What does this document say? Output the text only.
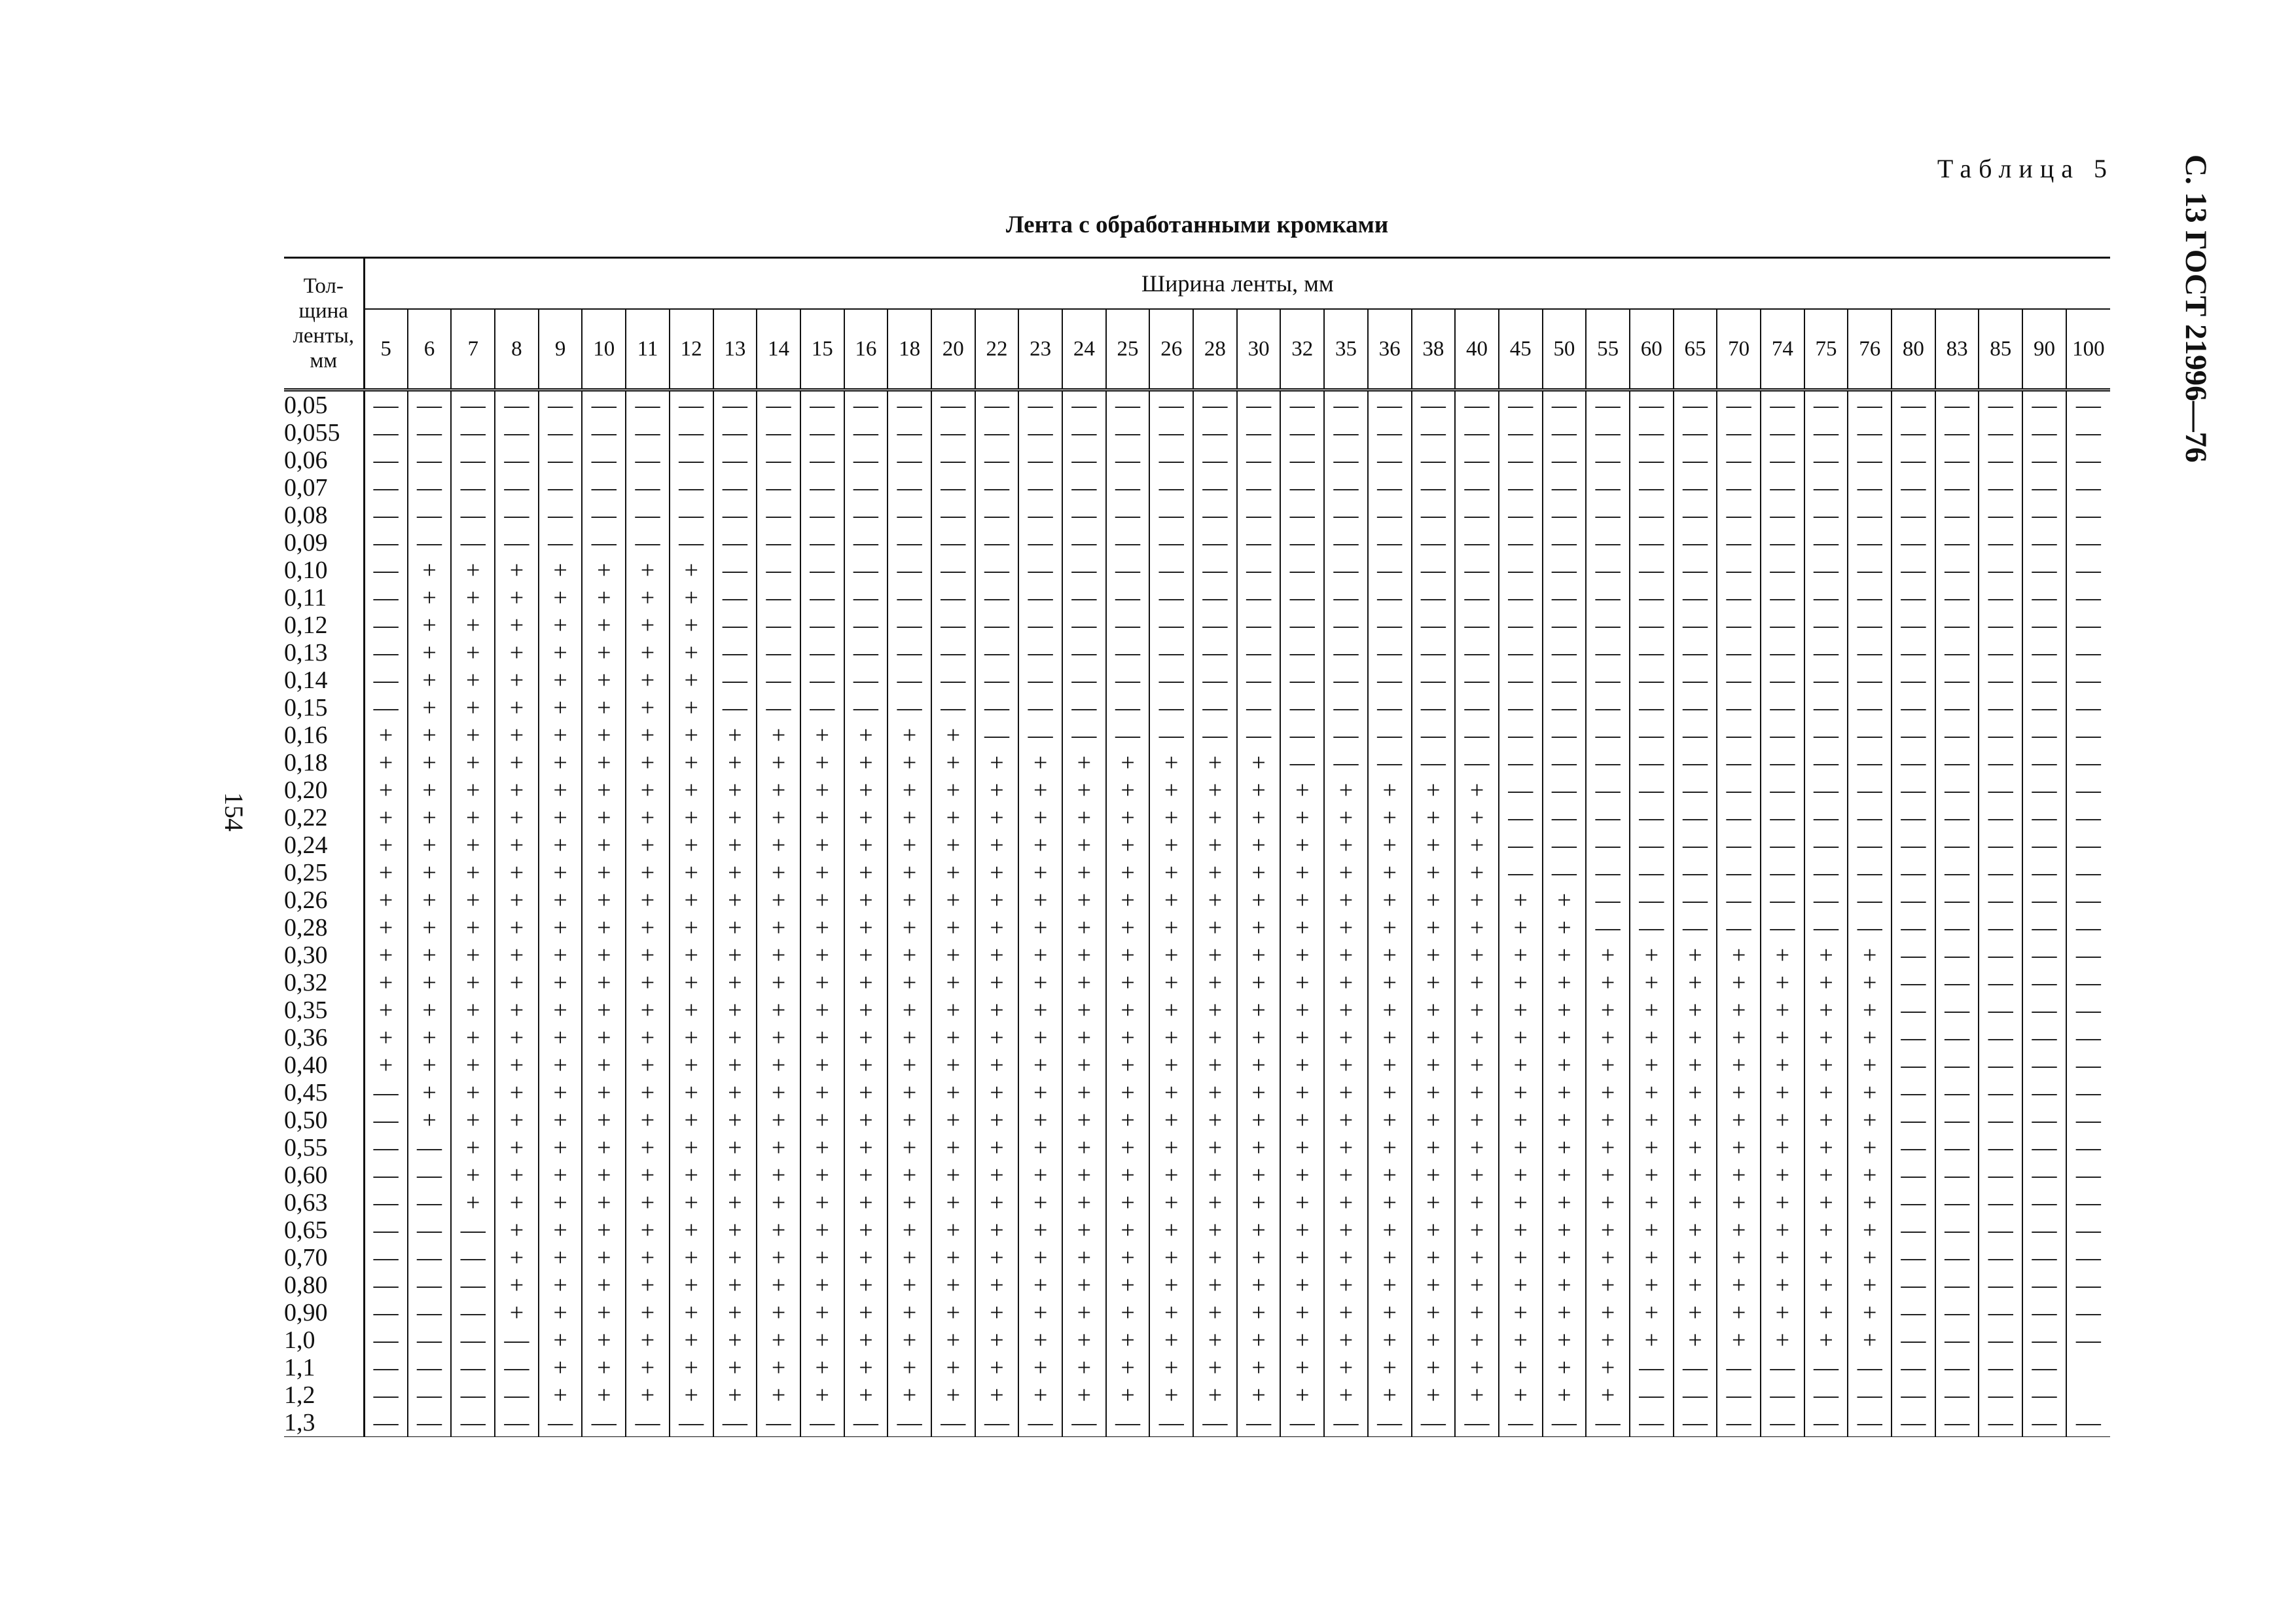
Таблица 5
Лента с обработанными кромками	С. 13 ГОСТ 21996—76
154
Тол-
щина
ленты,
мм	Ширина ленты, мм																																							
	5	6	7	8	9	10	11	12	13	14	15	16	18	20	22	23	24	25	26	28	30	32	35	36	38	40	45	50	55	60	65	70	74	75	76	80	83	85	90	100
0,05	—	—	—	—	—	—	—	—	—	—	—	—	—	—	—	—	—	—	—	—	—	—	—	—	—	—	—	—	—	—	—	—	—	—	—	—	—	—	—	—
0,055	—	—	—	—	—	—	—	—	—	—	—	—	—	—	—	—	—	—	—	—	—	—	—	—	—	—	—	—	—	—	—	—	—	—	—	—	—	—	—	—
0,06	—	—	—	—	—	—	—	—	—	—	—	—	—	—	—	—	—	—	—	—	—	—	—	—	—	—	—	—	—	—	—	—	—	—	—	—	—	—	—	—
0,07	—	—	—	—	—	—	—	—	—	—	—	—	—	—	—	—	—	—	—	—	—	—	—	—	—	—	—	—	—	—	—	—	—	—	—	—	—	—	—	—
0,08	—	—	—	—	—	—	—	—	—	—	—	—	—	—	—	—	—	—	—	—	—	—	—	—	—	—	—	—	—	—	—	—	—	—	—	—	—	—	—	—
0,09	—	—	—	—	—	—	—	—	—	—	—	—	—	—	—	—	—	—	—	—	—	—	—	—	—	—	—	—	—	—	—	—	—	—	—	—	—	—	—	—
0,10	—	+	+	+	+	+	+	+	—	—	—	—	—	—	—	—	—	—	—	—	—	—	—	—	—	—	—	—	—	—	—	—	—	—	—	—	—	—	—	—
0,11	—	+	+	+	+	+	+	+	—	—	—	—	—	—	—	—	—	—	—	—	—	—	—	—	—	—	—	—	—	—	—	—	—	—	—	—	—	—	—	—
0,12	—	+	+	+	+	+	+	+	—	—	—	—	—	—	—	—	—	—	—	—	—	—	—	—	—	—	—	—	—	—	—	—	—	—	—	—	—	—	—	—
0,13	—	+	+	+	+	+	+	+	—	—	—	—	—	—	—	—	—	—	—	—	—	—	—	—	—	—	—	—	—	—	—	—	—	—	—	—	—	—	—	—
0,14	—	+	+	+	+	+	+	+	—	—	—	—	—	—	—	—	—	—	—	—	—	—	—	—	—	—	—	—	—	—	—	—	—	—	—	—	—	—	—	—
0,15	—	+	+	+	+	+	+	+	—	—	—	—	—	—	—	—	—	—	—	—	—	—	—	—	—	—	—	—	—	—	—	—	—	—	—	—	—	—	—	—
0,16	+	+	+	+	+	+	+	+	+	+	+	+	+	+	—	—	—	—	—	—	—	—	—	—	—	—	—	—	—	—	—	—	—	—	—	—	—	—	—	—
0,18	+	+	+	+	+	+	+	+	+	+	+	+	+	+	+	+	+	+	+	+	+	—	—	—	—	—	—	—	—	—	—	—	—	—	—	—	—	—	—	—
0,20	+	+	+	+	+	+	+	+	+	+	+	+	+	+	+	+	+	+	+	+	+	+	+	+	+	+	—	—	—	—	—	—	—	—	—	—	—	—	—	—
0,22	+	+	+	+	+	+	+	+	+	+	+	+	+	+	+	+	+	+	+	+	+	+	+	+	+	+	—	—	—	—	—	—	—	—	—	—	—	—	—	—
0,24	+	+	+	+	+	+	+	+	+	+	+	+	+	+	+	+	+	+	+	+	+	+	+	+	+	+	—	—	—	—	—	—	—	—	—	—	—	—	—	—
0,25	+	+	+	+	+	+	+	+	+	+	+	+	+	+	+	+	+	+	+	+	+	+	+	+	+	+	—	—	—	—	—	—	—	—	—	—	—	—	—	—
0,26	+	+	+	+	+	+	+	+	+	+	+	+	+	+	+	+	+	+	+	+	+	+	+	+	+	+	+	+	—	—	—	—	—	—	—	—	—	—	—	—
0,28	+	+	+	+	+	+	+	+	+	+	+	+	+	+	+	+	+	+	+	+	+	+	+	+	+	+	+	+	—	—	—	—	—	—	—	—	—	—	—	—
0,30	+	+	+	+	+	+	+	+	+	+	+	+	+	+	+	+	+	+	+	+	+	+	+	+	+	+	+	+	+	+	+	+	+	+	+	—	—	—	—	—
0,32	+	+	+	+	+	+	+	+	+	+	+	+	+	+	+	+	+	+	+	+	+	+	+	+	+	+	+	+	+	+	+	+	+	+	+	—	—	—	—	—
0,35	+	+	+	+	+	+	+	+	+	+	+	+	+	+	+	+	+	+	+	+	+	+	+	+	+	+	+	+	+	+	+	+	+	+	+	—	—	—	—	—
0,36	+	+	+	+	+	+	+	+	+	+	+	+	+	+	+	+	+	+	+	+	+	+	+	+	+	+	+	+	+	+	+	+	+	+	+	—	—	—	—	—
0,40	+	+	+	+	+	+	+	+	+	+	+	+	+	+	+	+	+	+	+	+	+	+	+	+	+	+	+	+	+	+	+	+	+	+	+	—	—	—	—	—
0,45	—	+	+	+	+	+	+	+	+	+	+	+	+	+	+	+	+	+	+	+	+	+	+	+	+	+	+	+	+	+	+	+	+	+	+	—	—	—	—	—
0,50	—	+	+	+	+	+	+	+	+	+	+	+	+	+	+	+	+	+	+	+	+	+	+	+	+	+	+	+	+	+	+	+	+	+	+	—	—	—	—	—
0,55	—	—	+	+	+	+	+	+	+	+	+	+	+	+	+	+	+	+	+	+	+	+	+	+	+	+	+	+	+	+	+	+	+	+	+	—	—	—	—	—
0,60	—	—	+	+	+	+	+	+	+	+	+	+	+	+	+	+	+	+	+	+	+	+	+	+	+	+	+	+	+	+	+	+	+	+	+	—	—	—	—	—
0,63	—	—	+	+	+	+	+	+	+	+	+	+	+	+	+	+	+	+	+	+	+	+	+	+	+	+	+	+	+	+	+	+	+	+	+	—	—	—	—	—
0,65	—	—	—	+	+	+	+	+	+	+	+	+	+	+	+	+	+	+	+	+	+	+	+	+	+	+	+	+	+	+	+	+	+	+	+	—	—	—	—	—
0,70	—	—	—	+	+	+	+	+	+	+	+	+	+	+	+	+	+	+	+	+	+	+	+	+	+	+	+	+	+	+	+	+	+	+	+	—	—	—	—	—
0,80	—	—	—	+	+	+	+	+	+	+	+	+	+	+	+	+	+	+	+	+	+	+	+	+	+	+	+	+	+	+	+	+	+	+	+	—	—	—	—	—
0,90	—	—	—	+	+	+	+	+	+	+	+	+	+	+	+	+	+	+	+	+	+	+	+	+	+	+	+	+	+	+	+	+	+	+	+	—	—	—	—	—
1,0	—	—	—	—	+	+	+	+	+	+	+	+	+	+	+	+	+	+	+	+	+	+	+	+	+	+	+	+	+	+	+	+	+	+	+	—	—	—	—	—
1,1	—	—	—	—	+	+	+	+	+	+	+	+	+	+	+	+	+	+	+	+	+	+	+	+	+	+	+	+	+	—	—	—	—	—	—	—	—	—	—	
1,2	—	—	—	—	+	+	+	+	+	+	+	+	+	+	+	+	+	+	+	+	+	+	+	+	+	+	+	+	+	—	—	—	—	—	—	—	—	—	—	
1,3	—	—	—	—	—	—	—	—	—	—	—	—	—	—	—	—	—	—	—	—	—	—	—	—	—	—	—	—	—	—	—	—	—	—	—	—	—	—	—	—
